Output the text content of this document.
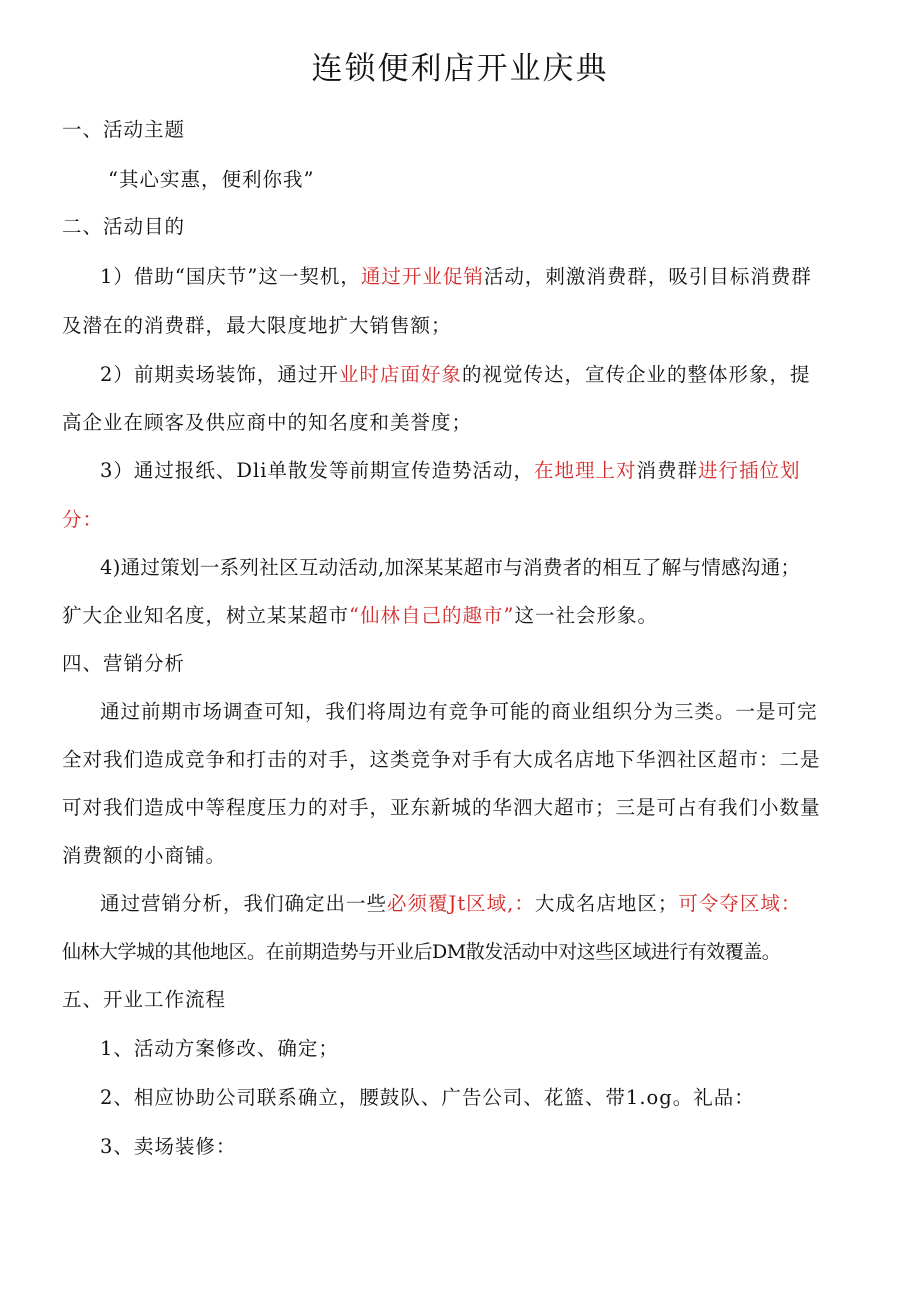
连锁便利店开业庆典
一、活动主题
“其心实惠，便利你我”
二、活动目的
1）借助“国庆节”这一契机，通过开业促销活动，刺激消费群，吸引目标消费群
及潜在的消费群，最大限度地扩大销售额；
2）前期卖场装饰，通过开业时店面好象的视觉传达，宣传企业的整体形象，提
高企业在顾客及供应商中的知名度和美誉度；
3）通过报纸、Dli单散发等前期宣传造势活动，在地理上对消费群进行插位划
分：
4)通过策划一系列社区互动活动,加深某某超市与消费者的相互了解与情感沟通；
犷大企业知名度，树立某某超市“仙林自己的趣市”这一社会形象。
四、营销分析
通过前期市场调查可知，我们将周边有竞争可能的商业组织分为三类。一是可完
全对我们造成竞争和打击的对手，这类竞争对手有大成名店地下华泗社区超市：二是
可对我们造成中等程度压力的对手，亚东新城的华泗大超市；三是可占有我们小数量
消费额的小商铺。
通过营销分析，我们确定出一些必须覆Jt区域,：大成名店地区；可令夺区域：
仙林大学城的其他地区。在前期造势与开业后DM散发活动中对这些区域进行有效覆盖。
五、开业工作流程
1、活动方案修改、确定；
2、相应协助公司联系确立，腰鼓队、广告公司、花篮、带1.og。礼品：
3、卖场装修：
